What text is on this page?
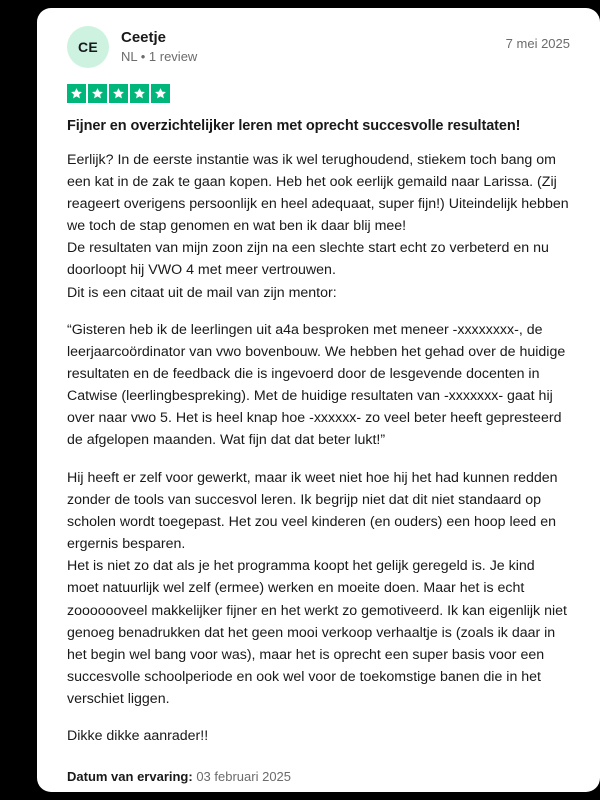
CE
Ceetje
NL • 1 review
7 mei 2025
Fijner en overzichtelijker leren met oprecht succesvolle resultaten!

Eerlijk? In de eerste instantie was ik wel terughoudend, stiekem toch bang om een kat in de zak te gaan kopen. Heb het ook eerlijk gemaild naar Larissa. (Zij reageert overigens persoonlijk en heel adequaat, super fijn!) Uiteindelijk hebben we toch de stap genomen en wat ben ik daar blij mee!

De resultaten van mijn zoon zijn na een slechte start echt zo verbeterd en nu doorloopt hij VWO 4 met meer vertrouwen.

Dit is een citaat uit de mail van zijn mentor:

“Gisteren heb ik de leerlingen uit a4a besproken met meneer -xxxxxxxx-, de leerjaarcoördinator van vwo bovenbouw. We hebben het gehad over de huidige resultaten en de feedback die is ingevoerd door de lesgevende docenten in Catwise (leerlingbespreking). Met de huidige resultaten van -xxxxxxx- gaat hij over naar vwo 5. Het is heel knap hoe -xxxxxx- zo veel beter heeft gepresteerd de afgelopen maanden. Wat fijn dat dat beter lukt!”

Hij heeft er zelf voor gewerkt, maar ik weet niet hoe hij het had kunnen redden zonder de tools van succesvol leren. Ik begrijp niet dat dit niet standaard op scholen wordt toegepast. Het zou veel kinderen (en ouders) een hoop leed en ergernis besparen.

Het is niet zo dat als je het programma koopt het gelijk geregeld is. Je kind moet natuurlijk wel zelf (ermee) werken en moeite doen. Maar het is echt zooooooveel makkelijker fijner en het werkt zo gemotiveerd. Ik kan eigenlijk niet genoeg benadrukken dat het geen mooi verkoop verhaaltje is (zoals ik daar in het begin wel bang voor was), maar het is oprecht een super basis voor een succesvolle schoolperiode en ook wel voor de toekomstige banen die in het verschiet liggen.

Dikke dikke aanrader!!

Datum van ervaring: 03 februari 2025
